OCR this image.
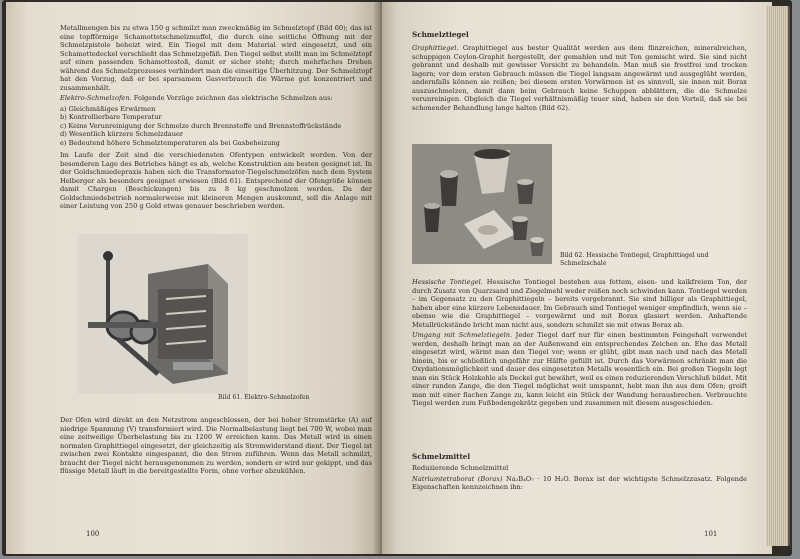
Metallmengen bis zu etwa 150 g schmilzt man zweckmäßig im Schmelztopf (Bild 60); das ist eine topfförmige Schamottetschmelzmuffel, die durch eine seitliche Öffnung mit der Schmelzpistole beheizt wird. Ein Tiegel mit dem Material wird eingesetzt, und ein Schamottedeckel verschließt das Schmelzgefäß. Den Tiegel selbst stellt man im Schmelztopf auf einen passenden Schamottestoß, damit er sicher steht; durch mehrfaches Drehen während des Schmelzprozesses verhindert man die einseitige Überhitzung. Der Schmelztopf hat den Vorzug, daß er bei sparsamem Gasverbrauch die Wärme gut konzentriert und zusammenhält.

Elektro-Schmelzofen. Folgende Vorzüge zeichnen das elektrische Schmelzen aus:

a) Gleichmäßiges Erwärmen
b) Kontrollierbare Temperatur
c) Keine Verunreinigung der Schmelze durch Brennstoffe und Brennstoffrückstände
d) Wesentlich kürzere Schmelzdauer
e) Bedeutend höhere Schmelztemperaturen als bei Gasbeheizung

Im Laufe der Zeit sind die verschiedensten Ofentypen entwickelt worden. Von der besonderen Lage des Betriebes hängt es ab, welche Konstruktion am besten geeignet ist. In der Goldschmiedepraxis haben sich die Transformator-Tiegelschmelzöfen nach dem System Helberger als besonders geeignet erwiesen (Bild 61). Entsprechend der Ofengröße können damit Chargen (Beschickungen) bis zu 8 kg geschmolzen werden. Da der Goldschmiedebetrieb normalerweise mit kleineren Mengen auskommt, soll die Anlage mit einer Leistung von 250 g Gold etwas genauer beschrieben werden.

Bild 61. Elektro-Schmelzofen

Der Ofen wird direkt an den Netzstrom angeschlossen, der bei hoher Stromstärke (A) auf niedrige Spannung (V) transformiert wird. Die Normalbelastung liegt bei 700 W, wobei man eine zeitweilige Überbelastung bis zu 1200 W erreichen kann. Das Metall wird in einen normalen Graphittiegel eingesetzt, der gleichzeitig als Stromwiderstand dient. Der Tiegel ist zwischen zwei Kontakte eingespannt, die den Strom zuführen. Wenn das Metall schmilzt, braucht der Tiegel nicht herausgenommen zu werden, sondern er wird nur gekippt, und das flüssige Metall läuft in die bereitgestellte Form, ohne vorher abzukühlen.

100
Schmelztiegel

Graphittiegel. Graphittiegel aus bester Qualität werden aus dem flinzreichen, mineralreichen, schuppigen Ceylon-Graphit hergestellt, der gemahlen und mit Ton gemischt wird. Sie sind nicht gebrannt und deshalb mit gewisser Vorsicht zu behandeln. Man muß sie frostfrei und trocken lagern; vor dem ersten Gebrauch müssen die Tiegel langsam angewärmt und ausgeglüht werden, andernfalls können sie reißen; bei diesem ersten Vorwärmen ist es sinnvoll, sie innen mit Borax auszuschmelzen, damit dann beim Gebrauch keine Schuppen abblättern, die die Schmelze verunreinigen. Obgleich die Tiegel verhältnismäßig teuer sind, haben sie den Vorteil, daß sie bei schonender Behandlung lange halten (Bild 62).

Bild 62. Hessische Tontiegel, Graphittiegel und Schmelzschale

Hessische Tontiegel. Hessische Tontiegel bestehen aus fettem, eisen- und kalkfreiem Ton, der durch Zusatz von Quarzsand und Ziegelmehl weder reißen noch schwinden kann. Tontiegel werden – im Gegensatz zu den Graphittiegeln – bereits vorgebrannt. Sie sind billiger als Graphittiegel, haben aber eine kürzere Lebensdauer. Im Gebrauch sind Tontiegel weniger empfindlich, wenn sie – ebenso wie die Graphittiegel – vorgewärmt und mit Borax glasiert werden. Anhaftende Metallrückstände bricht man nicht aus, sondern schmilzt sie mit etwas Borax ab.

Umgang mit Schmelztiegeln. Jeder Tiegel darf nur für einen bestimmten Feingehalt verwendet werden, deshalb bringt man an der Außenwand ein entsprechendes Zeichen an. Ehe das Metall eingesetzt wird, wärmt man den Tiegel vor; wenn er glüht, gibt man nach und nach das Metall hinein, bis er schließlich ungefähr zur Hälfte gefüllt ist. Durch das Vorwärmen schränkt man die Oxydationsmöglichkeit und dauer des eingesetzten Metalls wesentlich ein. Bei großen Tiegeln legt man ein Stück Holzkohle als Deckel gut bewährt, weil es einen reduzierenden Verschluß bildet. Mit einer runden Zange, die den Tiegel möglichst weit umspannt, hebt man ihn aus dem Ofen; greift man mit einer flachen Zange zu, kann leicht ein Stück der Wandung herausbrechen. Verbrauchte Tiegel werden zum Fußbodengekrätz gegeben und zusammen mit diesem ausgeschieden.

Schmelzmittel

Reduzierende Schmelzmittel

Natriumtetraborat (Borax) Na₂B₄O₇ · 10 H₂O. Borax ist der wichtigste Schmelzzusatz. Folgende Eigenschaften kennzeichnen ihn:

101
